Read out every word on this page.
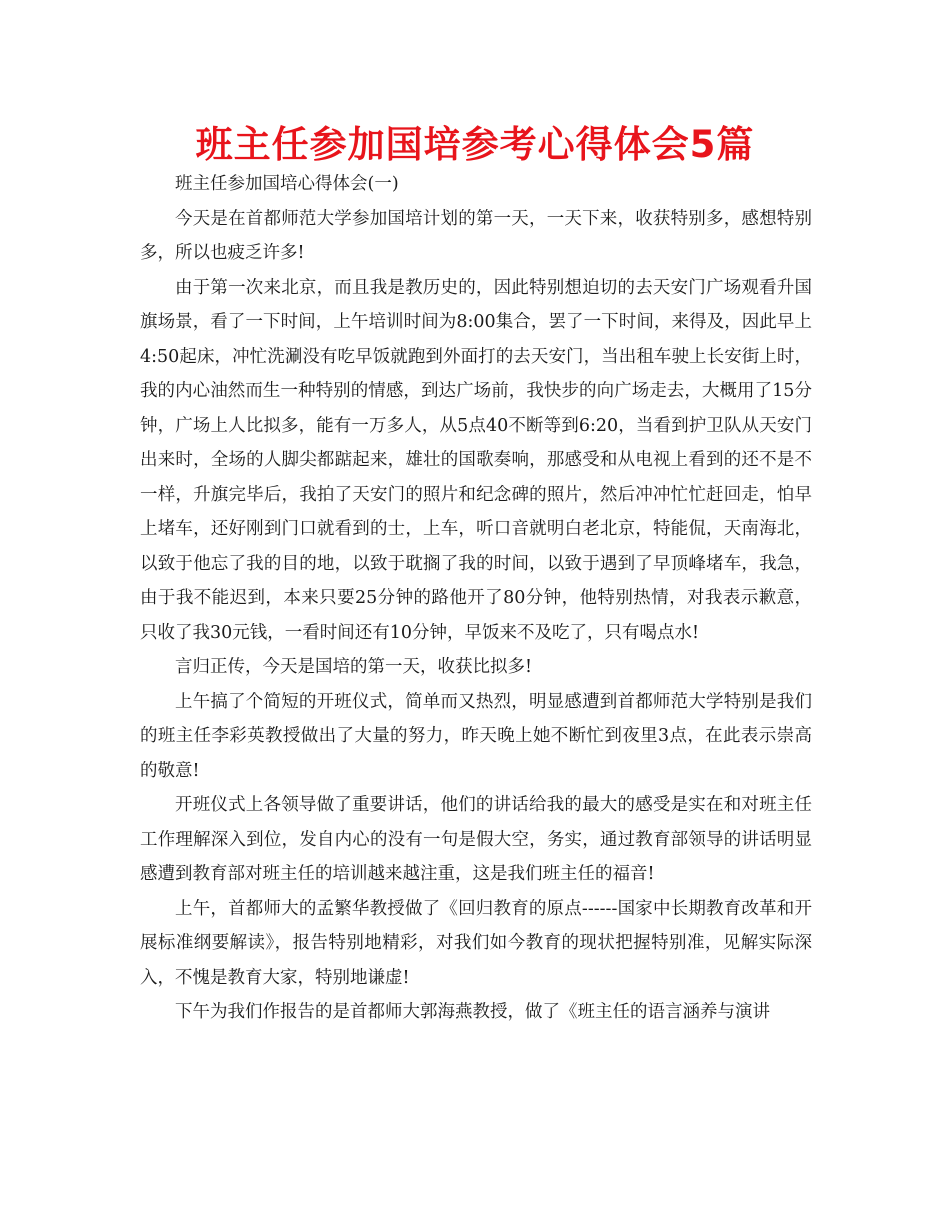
班主任参加国培参考心得体会5篇

班主任参加国培心得体会(一)

今天是在首都师范大学参加国培计划的第一天，一天下来，收获特别多，感想特别多，所以也疲乏许多!

由于第一次来北京，而且我是教历史的，因此特别想迫切的去天安门广场观看升国旗场景，看了一下时间，上午培训时间为8:00集合，罢了一下时间，来得及，因此早上4:50起床，冲忙洗涮没有吃早饭就跑到外面打的去天安门，当出租车驶上长安街上时，我的内心油然而生一种特别的情感，到达广场前，我快步的向广场走去，大概用了15分钟，广场上人比拟多，能有一万多人，从5点40不断等到6:20，当看到护卫队从天安门出来时，全场的人脚尖都踮起来，雄壮的国歌奏响，那感受和从电视上看到的还不是不一样，升旗完毕后，我拍了天安门的照片和纪念碑的照片，然后冲冲忙忙赶回走，怕早上堵车，还好刚到门口就看到的士，上车，听口音就明白老北京，特能侃，天南海北，以致于他忘了我的目的地，以致于耽搁了我的时间，以致于遇到了早顶峰堵车，我急，由于我不能迟到，本来只要25分钟的路他开了80分钟，他特别热情，对我表示歉意，只收了我30元钱，一看时间还有10分钟，早饭来不及吃了，只有喝点水!

言归正传，今天是国培的第一天，收获比拟多!

上午搞了个简短的开班仪式，简单而又热烈，明显感遭到首都师范大学特别是我们的班主任李彩英教授做出了大量的努力，昨天晚上她不断忙到夜里3点，在此表示崇高的敬意!

开班仪式上各领导做了重要讲话，他们的讲话给我的最大的感受是实在和对班主任工作理解深入到位，发自内心的没有一句是假大空，务实，通过教育部领导的讲话明显感遭到教育部对班主任的培训越来越注重，这是我们班主任的福音!

上午，首都师大的孟繁华教授做了《回归教育的原点------国家中长期教育改革和开展标准纲要解读》，报告特别地精彩，对我们如今教育的现状把握特别准，见解实际深入，不愧是教育大家，特别地谦虚!

下午为我们作报告的是首都师大郭海燕教授，做了《班主任的语言涵养与演讲
